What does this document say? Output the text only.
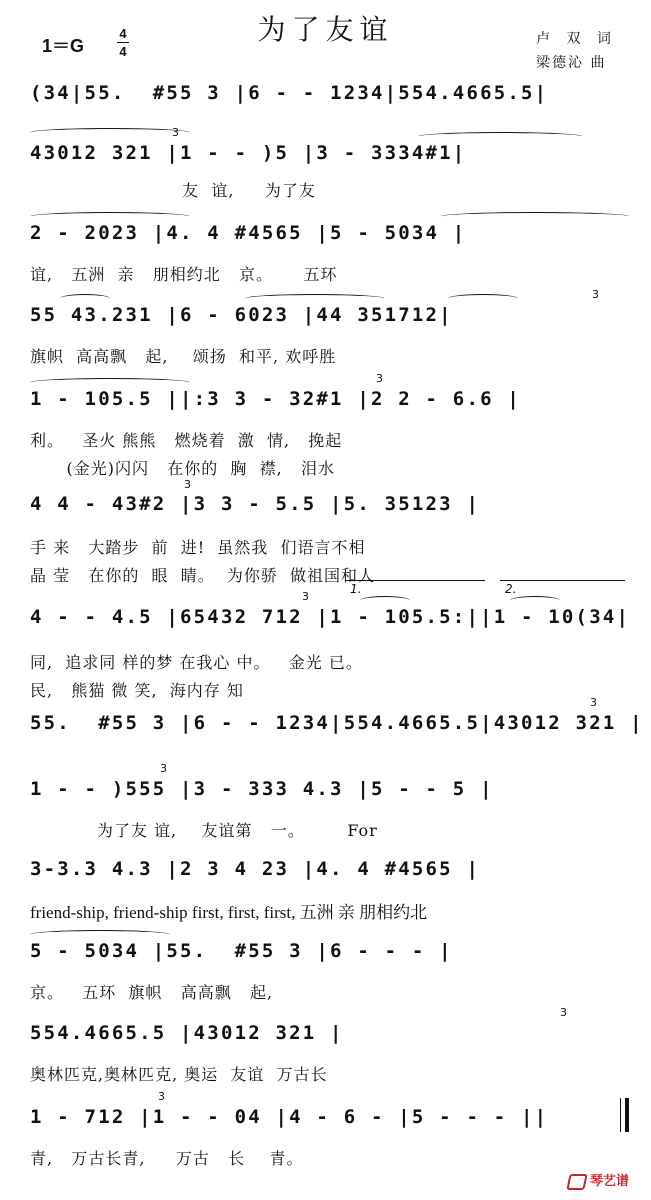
为了友谊
1＝G
4
4
卢 双 词
梁德沁 曲
(34|55.  #55 3 |6 - - 1234|554.4665.5|
43012 321 |1 - - )5 |3 - 3334#1|
友  谊,     为了友
2 - 2023 |4. 4 #4565 |5 - 5034 |
谊,   五洲  亲   朋相约北   京。     五环
55 43.231 |6 - 6023 |44 351712|
旗帜  高高飘   起,    颂扬  和平, 欢呼胜
1 - 105.5 ||:3 3 - 32#1 |2 2 - 6.6 |
利。   圣火 熊熊   燃烧着  激  情,   挽起
(金光)闪闪   在你的  胸  襟,   泪水
4 4 - 43#2 |3 3 - 5.5 |5. 35123 |
手 来   大踏步  前  进!  虽然我  们语言不相
晶 莹   在你的  眼  睛。  为你骄  做祖国和人
1.	2.
4 - - 4.5 |65432 712 |1 - 105.5:||1 - 10(34|
同,  追求同 样的梦 在我心 中。   金光 已。
民,   熊猫 微 笑,  海内存 知
55.  #55 3 |6 - - 1234|554.4665.5|43012 321 |
1 - - )555 |3 - 333 4.3 |5 - - 5 |
为了友 谊,    友谊第   一。       For
3-3.3 4.3 |2 3 4 23 |4. 4 #4565 |
friend-ship, friend-ship first, first, first, 五洲 亲 朋相约北
5 - 5034 |55.  #55 3 |6 - - - |
京。   五环  旗帜   高高飘   起,
554.4665.5 |43012 321 |
奥林匹克,奥林匹克, 奥运  友谊  万古长
1 - 712 |1 - - 04 |4 - 6 - |5 - - - ||
青,   万古长青,     万古   长    青。
3
3
3
3
3
3
3
3
3
琴艺谱
